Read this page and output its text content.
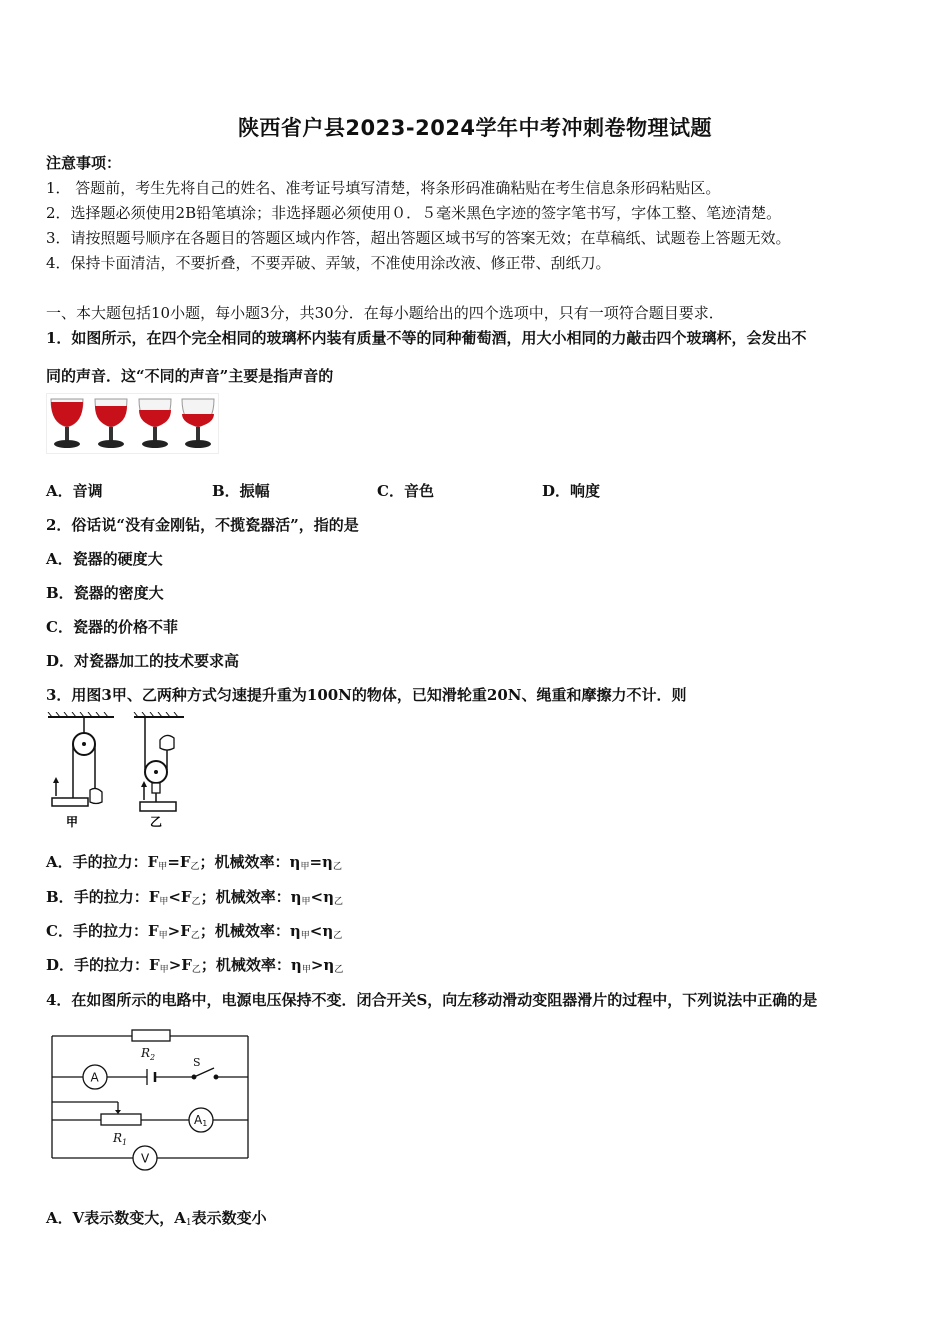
陕西省户县2023-2024学年中考冲刺卷物理试题
注意事项：
1． 答题前，考生先将自己的姓名、准考证号填写清楚，将条形码准确粘贴在考生信息条形码粘贴区。
2．选择题必须使用2B铅笔填涂；非选择题必须使用０．５毫米黑色字迹的签字笔书写，字体工整、笔迹清楚。
3．请按照题号顺序在各题目的答题区域内作答，超出答题区域书写的答案无效；在草稿纸、试题卷上答题无效。
4．保持卡面清洁，不要折叠，不要弄破、弄皱，不准使用涂改液、修正带、刮纸刀。
一、本大题包括10小题，每小题3分，共30分．在每小题给出的四个选项中，只有一项符合题目要求．
1．如图所示，在四个完全相同的玻璃杯内装有质量不等的同种葡萄酒，用大小相同的力敲击四个玻璃杯，会发出不
同的声音．这“不同的声音”主要是指声音的
A．音调	B．振幅	C．音色	D．响度
2．俗话说“没有金刚钻，不揽瓷器活”，指的是
A．瓷器的硬度大
B．瓷器的密度大
C．瓷器的价格不菲
D．对瓷器加工的技术要求高
3．用图3甲、乙两种方式匀速提升重为100N的物体，已知滑轮重20N、绳重和摩擦力不计．则
甲	乙
A．手的拉力：$F_甲=F_乙$；机械效率：$\eta_甲=\eta_乙$
B．手的拉力：$F_甲<F_乙$；机械效率：$\eta_甲<\eta_乙$
C．手的拉力：$F_甲>F_乙$；机械效率：$\eta_甲<\eta_乙$
D．手的拉力：$F_甲>F_乙$；机械效率：$\eta_甲>\eta_乙$
4．在如图所示的电路中，电源电压保持不变．闭合开关S，向左移动滑动变阻器滑片的过程中，下列说法中正确的是
$R_2$
$R_1$
S
A
A1
V
A．V表示数变大，$A_1$表示数变小
